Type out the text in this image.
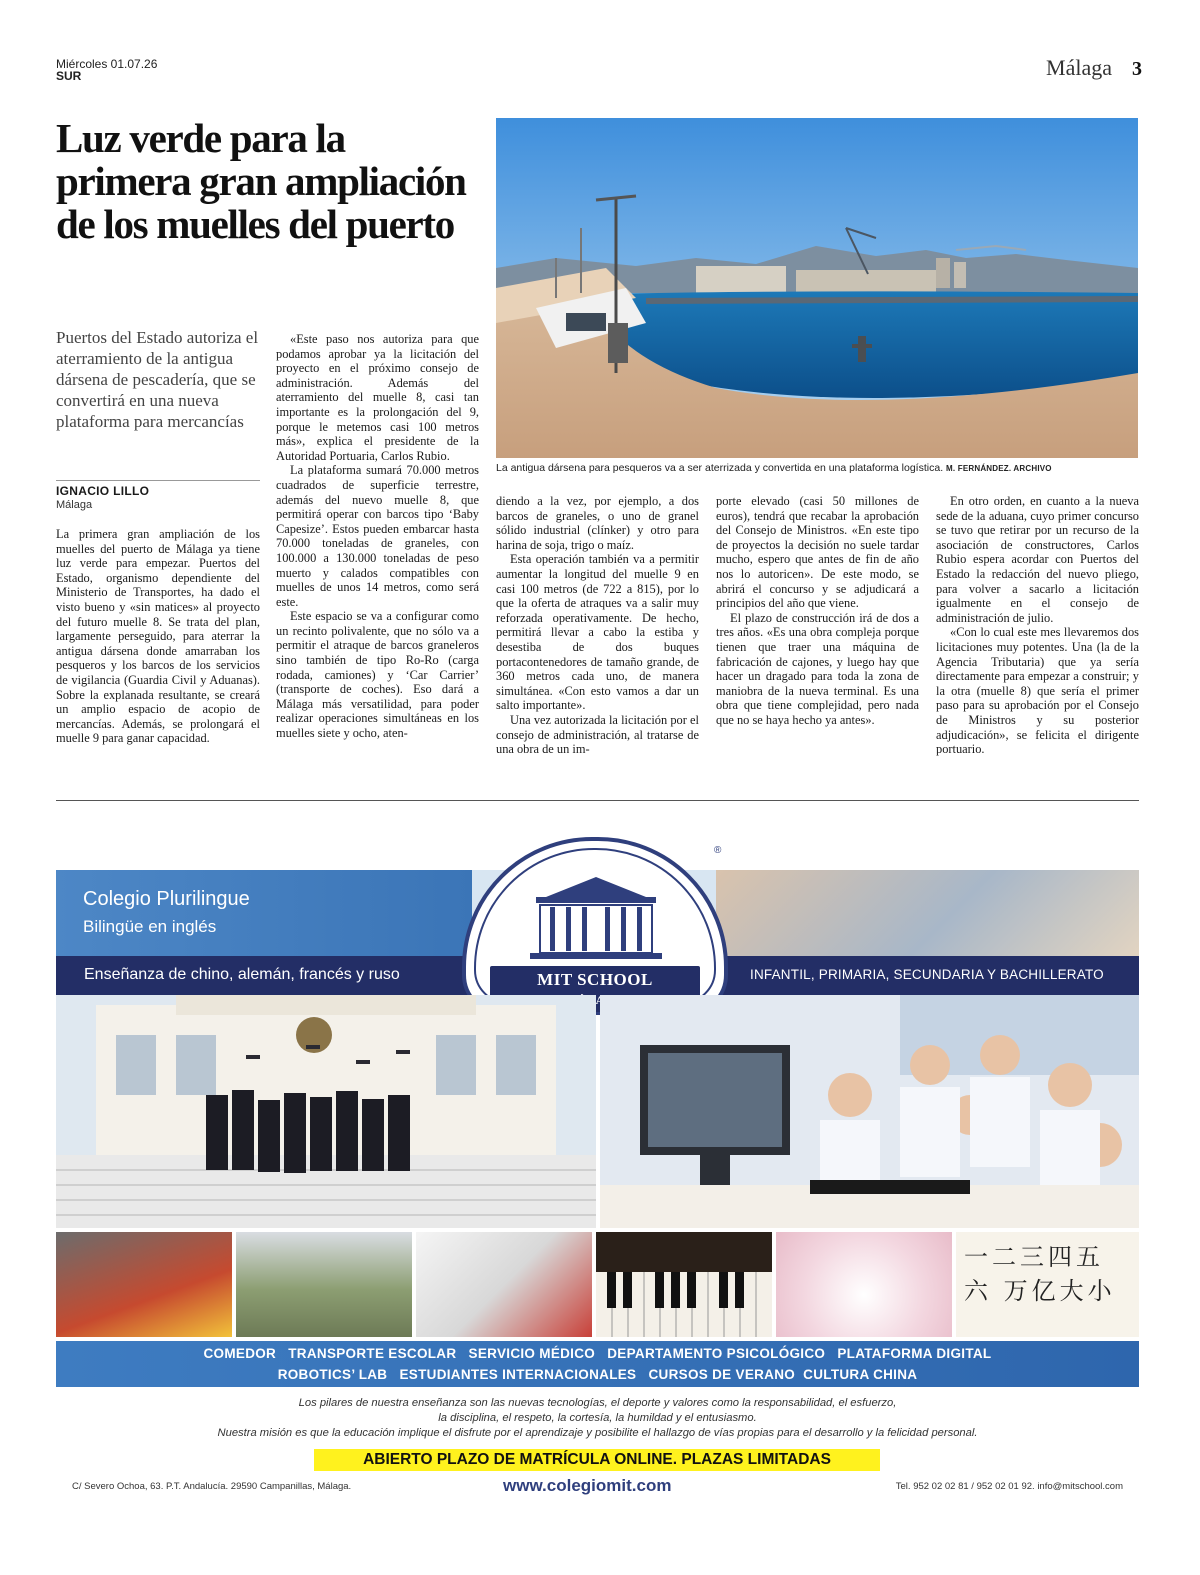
Miércoles 01.07.26
SUR	Málaga 3
Luz verde para la primera gran ampliación de los muelles del puerto
La antigua dársena para pesqueros va a ser aterrizada y convertida en una plataforma logística. M. FERNÁNDEZ. ARCHIVO
Puertos del Estado autoriza el aterramiento de la antigua dársena de pescadería, que se convertirá en una nueva plataforma para mercancías
IGNACIO LILLO
Málaga

La primera gran ampliación de los muelles del puerto de Málaga ya tiene luz verde para empezar. Puertos del Estado, organismo dependiente del Ministerio de Transportes, ha dado el visto bueno y «sin matices» al proyecto del futuro muelle 8. Se trata del plan, largamente perseguido, para aterrar la antigua dársena donde amarraban los pesqueros y los barcos de los servicios de vigilancia (Guardia Civil y Aduanas). Sobre la explanada resultante, se creará un amplio espacio de acopio de mercancías. Además, se prolongará el muelle 9 para ganar capacidad.

«Este paso nos autoriza para que podamos aprobar ya la licitación del proyecto en el próximo consejo de administración. Además del aterramiento del muelle 8, casi tan importante es la prolongación del 9, porque le metemos casi 100 metros más», explica el presidente de la Autoridad Portuaria, Carlos Rubio.

La plataforma sumará 70.000 metros cuadrados de superficie terrestre, además del nuevo muelle 8, que permitirá operar con barcos tipo ‘Baby Capesize’. Estos pueden embarcar hasta 70.000 toneladas de graneles, con 100.000 a 130.000 toneladas de peso muerto y calados compatibles con muelles de unos 14 metros, como será este.

Este espacio se va a configurar como un recinto polivalente, que no sólo va a permitir el atraque de barcos graneleros sino también de tipo Ro-Ro (carga rodada, camiones) y ‘Car Carrier’ (transporte de coches). Eso dará a Málaga más versatilidad, para poder realizar operaciones simultáneas en los muelles siete y ocho, aten-

diendo a la vez, por ejemplo, a dos barcos de graneles, o uno de granel sólido industrial (clínker) y otro para harina de soja, trigo o maíz.

Esta operación también va a permitir aumentar la longitud del muelle 9 en casi 100 metros (de 722 a 815), por lo que la oferta de atraques va a salir muy reforzada operativamente. De hecho, permitirá llevar a cabo la estiba y desestiba de dos buques portacontenedores de tamaño grande, de 360 metros cada uno, de manera simultánea. «Con esto vamos a dar un salto importante».

Una vez autorizada la licitación por el consejo de administración, al tratarse de una obra de un im-

porte elevado (casi 50 millones de euros), tendrá que recabar la aprobación del Consejo de Ministros. «En este tipo de proyectos la decisión no suele tardar mucho, espero que antes de fin de año nos lo autoricen». De este modo, se abrirá el concurso y se adjudicará a principios del año que viene.

El plazo de construcción irá de dos a tres años. «Es una obra compleja porque tienen que traer una máquina de fabricación de cajones, y luego hay que hacer un dragado para toda la zona de maniobra de la nueva terminal. Es una obra que tiene complejidad, pero nada que no se haya hecho ya antes».

En otro orden, en cuanto a la nueva sede de la aduana, cuyo primer concurso se tuvo que retirar por un recurso de la asociación de constructores, Carlos Rubio espera acordar con Puertos del Estado la redacción del nuevo pliego, para volver a sacarlo a licitación igualmente en el consejo de administración de julio.

«Con lo cual este mes llevaremos dos licitaciones muy potentes. Una (la de la Agencia Tributaria) que ya sería directamente para empezar a construir; y la otra (muelle 8) que sería el primer paso para su aprobación por el Consejo de Ministros y su posterior adjudicación», se felicita el dirigente portuario.

Colegio Plurilingue
Bilingüe en inglés
Enseñanza de chino, alemán, francés y ruso	INFANTIL, PRIMARIA, SECUNDARIA Y BACHILLERATO
MIT SCHOOL
®
一二三四五六 万亿大小
COMEDOR   TRANSPORTE ESCOLAR   SERVICIO MÉDICO   DEPARTAMENTO PSICOLÓGICO   PLATAFORMA DIGITAL
ROBOTICS’ LAB   ESTUDIANTES INTERNACIONALES   CURSOS DE VERANO  CULTURA CHINA
Los pilares de nuestra enseñanza son las nuevas tecnologías, el deporte y valores como la responsabilidad, el esfuerzo,
la disciplina, el respeto, la cortesía, la humildad y el entusiasmo.
Nuestra misión es que la educación implique el disfrute por el aprendizaje y posibilite el hallazgo de vías propias para el desarrollo y la felicidad personal.
ABIERTO PLAZO DE MATRÍCULA ONLINE. PLAZAS LIMITADAS
C/ Severo Ochoa, 63. P.T. Andalucía. 29590 Campanillas, Málaga.	www.colegiomit.com	Tel. 952 02 02 81 / 952 02 01 92. info@mitschool.com
